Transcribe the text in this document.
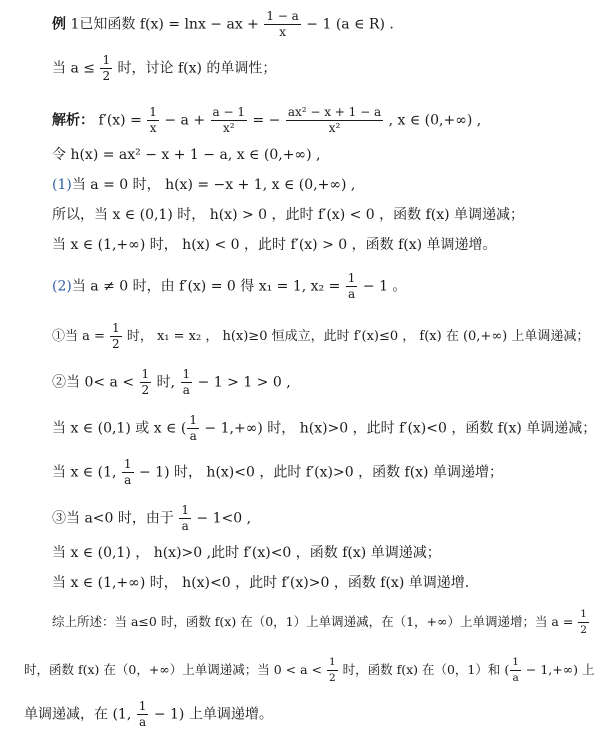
例 1已知函数 f(x) = lnx − ax + $\frac{1 - a}{x} - 1$ (a ∈ R) .
当 $a \le \frac{1}{2}$ 时，讨论 f(x) 的单调性；
解析： $f'(x) = \frac{1}{x} - a + \frac{a - 1}{\text{x²}}$ = − $\frac{\text{ax² − x + 1 − a}}{\text{x²}}$ , x ∈ (0,+∞) ,
令 h(x) = ax² − x + 1 − a, x ∈ (0,+∞) ,
(1)当 a = 0 时， h(x) = −x + 1, x ∈ (0,+∞) ,
所以，当 x ∈ (0,1) 时， h(x) > 0 ，此时 f′(x) < 0 ，函数 f(x) 单调递减；
当 x ∈ (1,+∞) 时， h(x) < 0 ，此时 f′(x) > 0 ，函数 f(x) 单调递增。
(2)当 a ≠ 0 时，由 f′(x) = 0 得 x₁ = 1, $x_2 = \frac{1}{a} - 1$ 。
①当 $a = \frac{1}{2}$ 时， x₁ = x₂ ， h(x)≥0 恒成立，此时 f′(x)≤0 ， f(x) 在 (0,+∞) 上单调递减；
②当 $0< a < \frac{1}{2}$ 时, $\frac{1}{a} - 1 > 1 > 0$ ,
当 x ∈ (0,1) 或 x ∈ ( $\frac{1}{a} - 1,+\infty$) 时， h(x)>0 ，此时 f′(x)<0 ，函数 f(x) 单调递减；
当 x ∈ (1, $\frac{1}{a} - 1$) 时， h(x)<0 ，此时 f′(x)>0 ，函数 f(x) 单调递增；
③当 a<0 时，由于 $\frac{1}{a} - 1<0$ ,
当 x ∈ (0,1) ， h(x)>0 ,此时 f′(x)<0 ，函数 f(x) 单调递减；
当 x ∈ (1,+∞) 时， h(x)<0 ，此时 f′(x)>0 ，函数 f(x) 单调递增.
综上所述：当 a≤0 时，函数 f(x) 在（0，1）上单调递减，在（1，+∞）上单调递增；当 $a = \frac{1}{2}$
时，函数 f(x) 在（0，+∞）上单调递减；当 $0 < a < \frac{1}{2}$ 时，函数 f(x) 在（0，1）和 ( $\frac{1}{a} - 1,+\infty$) 上
单调递减，在 (1, $\frac{1}{a} - 1$) 上单调递增。
